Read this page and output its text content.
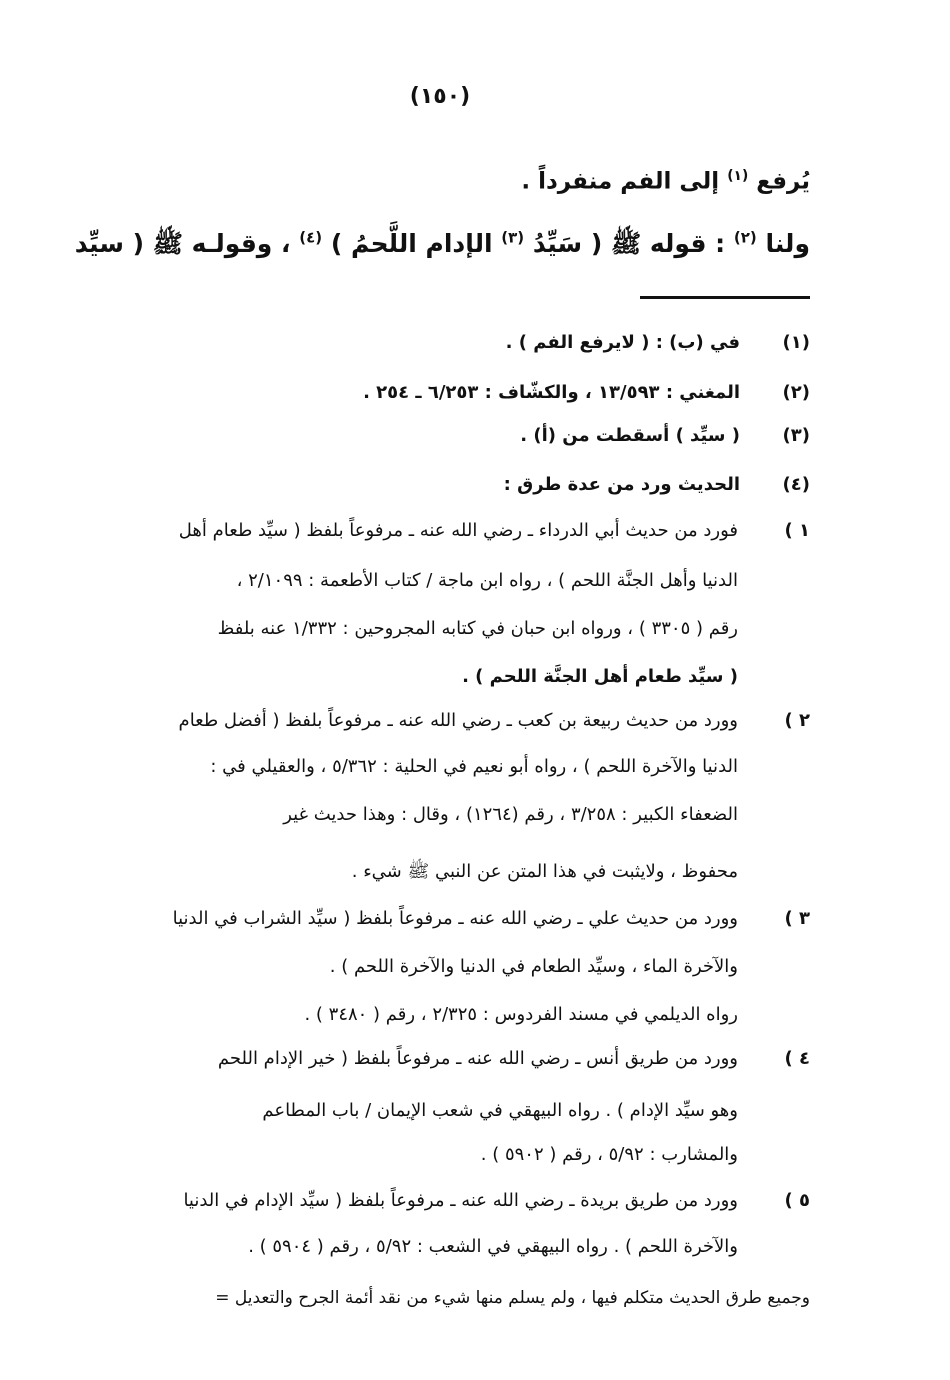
(١٥٠)
يُرفع $^{(١)}$ إلى الفم منفرداً .
ولنا $^{(٢)}$ : قوله ﷺ ( سَيِّدُ $^{(٣)}$ الإدام اللَّحمُ ) $^{(٤)}$ ، وقولـه ﷺ ( سيِّد
(١)
في (ب) : ( لايرفع الفم ) .
(٢)
المغني : ١٣/٥٩٣ ، والكشّاف : ٦/٢٥٣ ـ ٢٥٤ .
(٣)
( سيِّد ) أسقطت من (أ) .
(٤)
الحديث ورد من عدة طرق :
١ )
فورد من حديث أبي الدرداء ـ رضي الله عنه ـ مرفوعاً بلفظ ( سيِّد طعام أهل
الدنيا وأهل الجنَّة اللحم ) ، رواه ابن ماجة / كتاب الأطعمة : ٢/١٠٩٩ ،
رقم ( ٣٣٠٥ ) ، ورواه ابن حبان في كتابه المجروحين : ١/٣٣٢ عنه بلفظ
( سيِّد طعام أهل الجنَّة اللحم ) .
٢ )
وورد من حديث ربيعة بن كعب ـ رضي الله عنه ـ مرفوعاً بلفظ ( أفضل طعام
الدنيا والآخرة اللحم ) ، رواه أبو نعيم في الحلية : ٥/٣٦٢ ، والعقيلي في :
الضعفاء الكبير : ٣/٢٥٨ ، رقم (١٢٦٤) ، وقال : وهذا حديث غير
محفوظ ، ولايثبت في هذا المتن عن النبي ﷺ شيء .
٣ )
وورد من حديث علي ـ رضي الله عنه ـ مرفوعاً بلفظ ( سيِّد الشراب في الدنيا
والآخرة الماء ، وسيِّد الطعام في الدنيا والآخرة اللحم ) .
رواه الديلمي في مسند الفردوس : ٢/٣٢٥ ، رقم ( ٣٤٨٠ ) .
٤ )
وورد من طريق أنس ـ رضي الله عنه ـ مرفوعاً بلفظ ( خير الإدام اللحم
وهو سيِّد الإدام ) . رواه البيهقي في شعب الإيمان / باب المطاعم
والمشارب : ٥/٩٢ ، رقم ( ٥٩٠٢ ) .
٥ )
وورد من طريق بريدة ـ رضي الله عنه ـ مرفوعاً بلفظ ( سيِّد الإدام في الدنيا
والآخرة اللحم ) . رواه البيهقي في الشعب : ٥/٩٢ ، رقم ( ٥٩٠٤ ) .
وجميع طرق الحديث متكلم فيها ، ولم يسلم منها شيء من نقد أئمة الجرح والتعديل =
